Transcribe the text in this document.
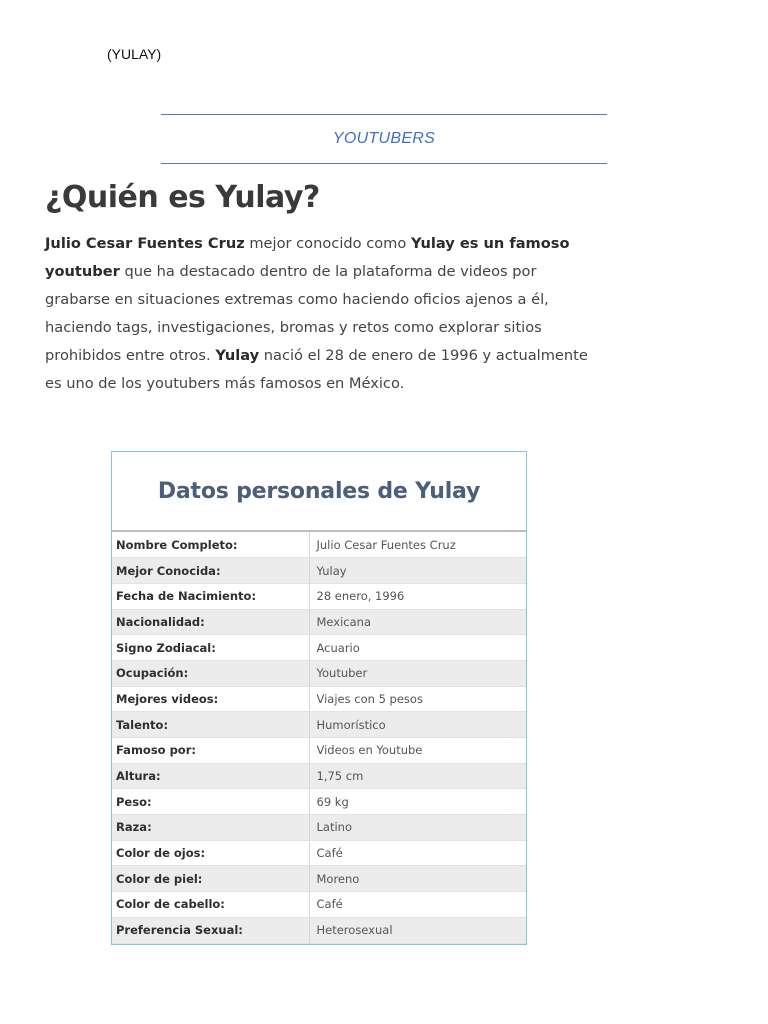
(YULAY)
YOUTUBERS
¿Quién es Yulay?

Julio Cesar Fuentes Cruz mejor conocido como Yulay es un famoso youtuber que ha destacado dentro de la plataforma de videos por grabarse en situaciones extremas como haciendo oficios ajenos a él, haciendo tags, investigaciones, bromas y retos como explorar sitios prohibidos entre otros. Yulay nació el 28 de enero de 1996 y actualmente es uno de los youtubers más famosos en México.

Datos personales de Yulay
Nombre Completo:	Julio Cesar Fuentes Cruz
Mejor Conocida:	Yulay
Fecha de Nacimiento:	28 enero, 1996
Nacionalidad:	Mexicana
Signo Zodiacal:	Acuario
Ocupación:	Youtuber
Mejores videos:	Viajes con 5 pesos
Talento:	Humorístico
Famoso por:	Videos en Youtube
Altura:	1,75 cm
Peso:	69 kg
Raza:	Latino
Color de ojos:	Café
Color de piel:	Moreno
Color de cabello:	Café
Preferencia Sexual:	Heterosexual
